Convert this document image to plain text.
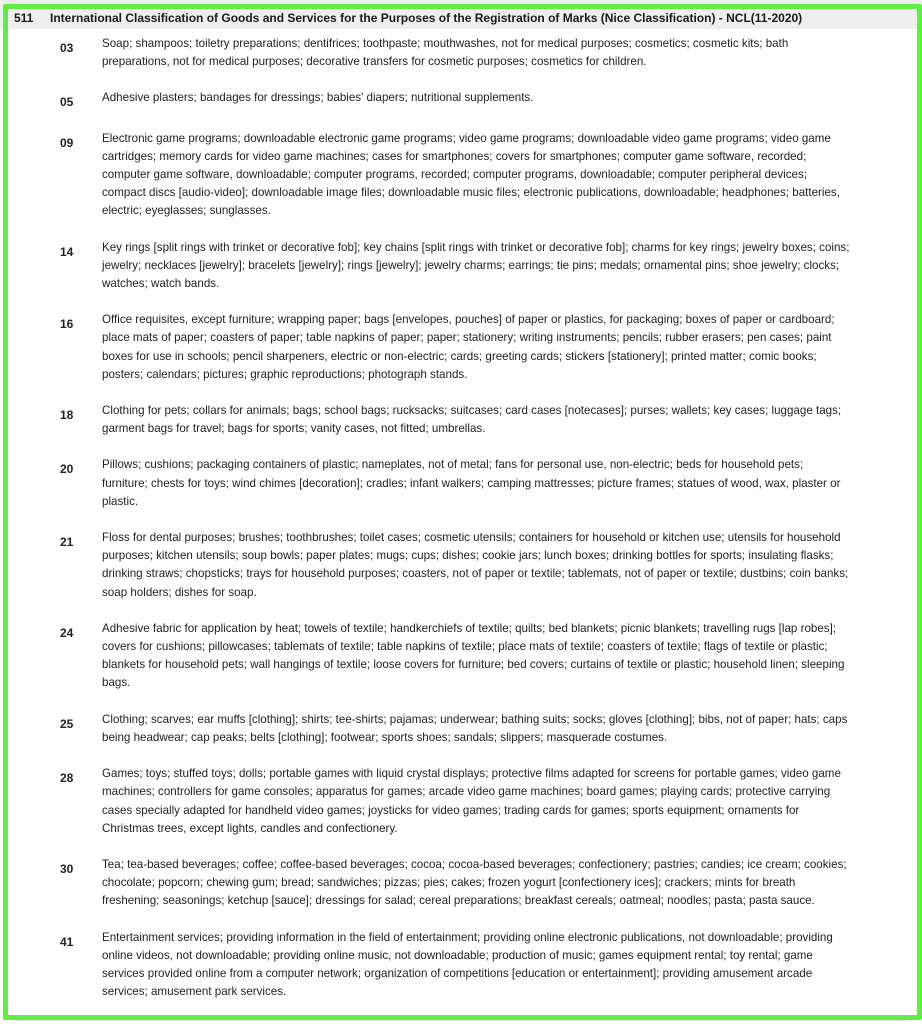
511 International Classification of Goods and Services for the Purposes of the Registration of Marks (Nice Classification) - NCL(11-2020)
03	Soap; shampoos; toiletry preparations; dentifrices; toothpaste; mouthwashes, not for medical purposes; cosmetics; cosmetic kits; bath preparations, not for medical purposes; decorative transfers for cosmetic purposes; cosmetics for children.
05	Adhesive plasters; bandages for dressings; babies' diapers; nutritional supplements.
09	Electronic game programs; downloadable electronic game programs; video game programs; downloadable video game programs; video game cartridges; memory cards for video game machines; cases for smartphones; covers for smartphones; computer game software, recorded; computer game software, downloadable; computer programs, recorded; computer programs, downloadable; computer peripheral devices; compact discs [audio-video]; downloadable image files; downloadable music files; electronic publications, downloadable; headphones; batteries, electric; eyeglasses; sunglasses.
14	Key rings [split rings with trinket or decorative fob]; key chains [split rings with trinket or decorative fob]; charms for key rings; jewelry boxes; coins; jewelry; necklaces [jewelry]; bracelets [jewelry]; rings [jewelry]; jewelry charms; earrings; tie pins; medals; ornamental pins; shoe jewelry; clocks; watches; watch bands.
16	Office requisites, except furniture; wrapping paper; bags [envelopes, pouches] of paper or plastics, for packaging; boxes of paper or cardboard; place mats of paper; coasters of paper; table napkins of paper; paper; stationery; writing instruments; pencils; rubber erasers; pen cases; paint boxes for use in schools; pencil sharpeners, electric or non-electric; cards; greeting cards; stickers [stationery]; printed matter; comic books; posters; calendars; pictures; graphic reproductions; photograph stands.
18	Clothing for pets; collars for animals; bags; school bags; rucksacks; suitcases; card cases [notecases]; purses; wallets; key cases; luggage tags; garment bags for travel; bags for sports; vanity cases, not fitted; umbrellas.
20	Pillows; cushions; packaging containers of plastic; nameplates, not of metal; fans for personal use, non-electric; beds for household pets; furniture; chests for toys; wind chimes [decoration]; cradles; infant walkers; camping mattresses; picture frames; statues of wood, wax, plaster or plastic.
21	Floss for dental purposes; brushes; toothbrushes; toilet cases; cosmetic utensils; containers for household or kitchen use; utensils for household purposes; kitchen utensils; soup bowls; paper plates; mugs; cups; dishes; cookie jars; lunch boxes; drinking bottles for sports; insulating flasks; drinking straws; chopsticks; trays for household purposes; coasters, not of paper or textile; tablemats, not of paper or textile; dustbins; coin banks; soap holders; dishes for soap.
24	Adhesive fabric for application by heat; towels of textile; handkerchiefs of textile; quilts; bed blankets; picnic blankets; travelling rugs [lap robes]; covers for cushions; pillowcases; tablemats of textile; table napkins of textile; place mats of textile; coasters of textile; flags of textile or plastic; blankets for household pets; wall hangings of textile; loose covers for furniture; bed covers; curtains of textile or plastic; household linen; sleeping bags.
25	Clothing; scarves; ear muffs [clothing]; shirts; tee-shirts; pajamas; underwear; bathing suits; socks; gloves [clothing]; bibs, not of paper; hats; caps being headwear; cap peaks; belts [clothing]; footwear; sports shoes; sandals; slippers; masquerade costumes.
28	Games; toys; stuffed toys; dolls; portable games with liquid crystal displays; protective films adapted for screens for portable games; video game machines; controllers for game consoles; apparatus for games; arcade video game machines; board games; playing cards; protective carrying cases specially adapted for handheld video games; joysticks for video games; trading cards for games; sports equipment; ornaments for Christmas trees, except lights, candles and confectionery.
30	Tea; tea-based beverages; coffee; coffee-based beverages; cocoa; cocoa-based beverages; confectionery; pastries; candies; ice cream; cookies; chocolate; popcorn; chewing gum; bread; sandwiches; pizzas; pies; cakes; frozen yogurt [confectionery ices]; crackers; mints for breath freshening; seasonings; ketchup [sauce]; dressings for salad; cereal preparations; breakfast cereals; oatmeal; noodles; pasta; pasta sauce.
41	Entertainment services; providing information in the field of entertainment; providing online electronic publications, not downloadable; providing online videos, not downloadable; providing online music, not downloadable; production of music; games equipment rental; toy rental; game services provided online from a computer network; organization of competitions [education or entertainment]; providing amusement arcade services; amusement park services.
